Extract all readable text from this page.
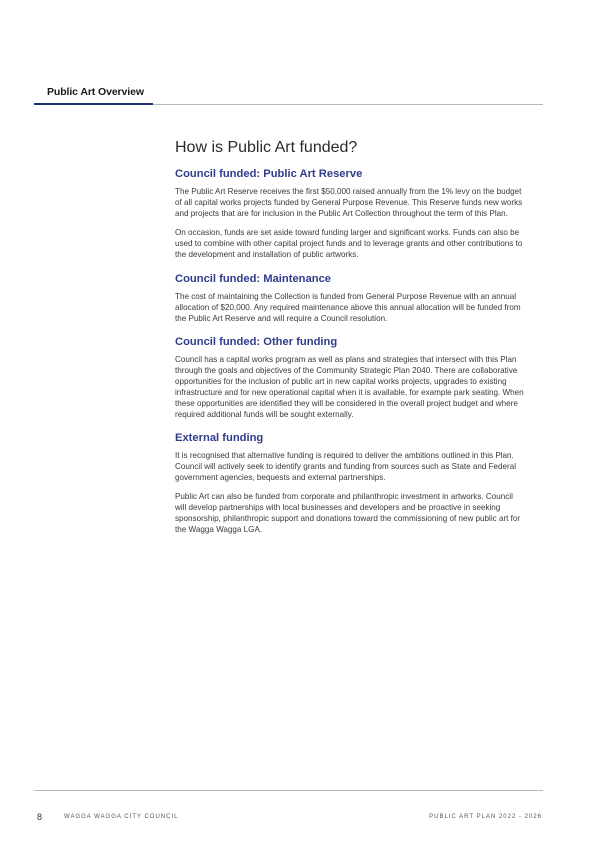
Public Art Overview
How is Public Art funded?
Council funded: Public Art Reserve

The Public Art Reserve receives the first $50,000 raised annually from the 1% levy on the budget of all capital works projects funded by General Purpose Revenue. This Reserve funds new works and projects that are for inclusion in the Public Art Collection throughout the term of this Plan.

On occasion, funds are set aside toward funding larger and significant works. Funds can also be used to combine with other capital project funds and to leverage grants and other contributions to the development and installation of public artworks.

Council funded: Maintenance

The cost of maintaining the Collection is funded from General Purpose Revenue with an annual allocation of $20,000. Any required maintenance above this annual allocation will be funded from the Public Art Reserve and will require a Council resolution.

Council funded: Other funding

Council has a capital works program as well as plans and strategies that intersect with this Plan through the goals and objectives of the Community Strategic Plan 2040. There are collaborative opportunities for the inclusion of public art in new capital works projects, upgrades to existing infrastructure and for new operational capital when it is available, for example park seating. When these opportunities are identified they will be considered in the overall project budget and where required additional funds will be sought externally.

External funding

It is recognised that alternative funding is required to deliver the ambitions outlined in this Plan. Council will actively seek to identify grants and funding from sources such as State and Federal government agencies, bequests and external partnerships.

Public Art can also be funded from corporate and philanthropic investment in artworks. Council will develop partnerships with local businesses and developers and be proactive in seeking sponsorship, philanthropic support and donations toward the commissioning of new public art for the Wagga Wagga LGA.

8	WAGGA WAGGA CITY COUNCIL	PUBLIC ART PLAN 2022 - 2026
